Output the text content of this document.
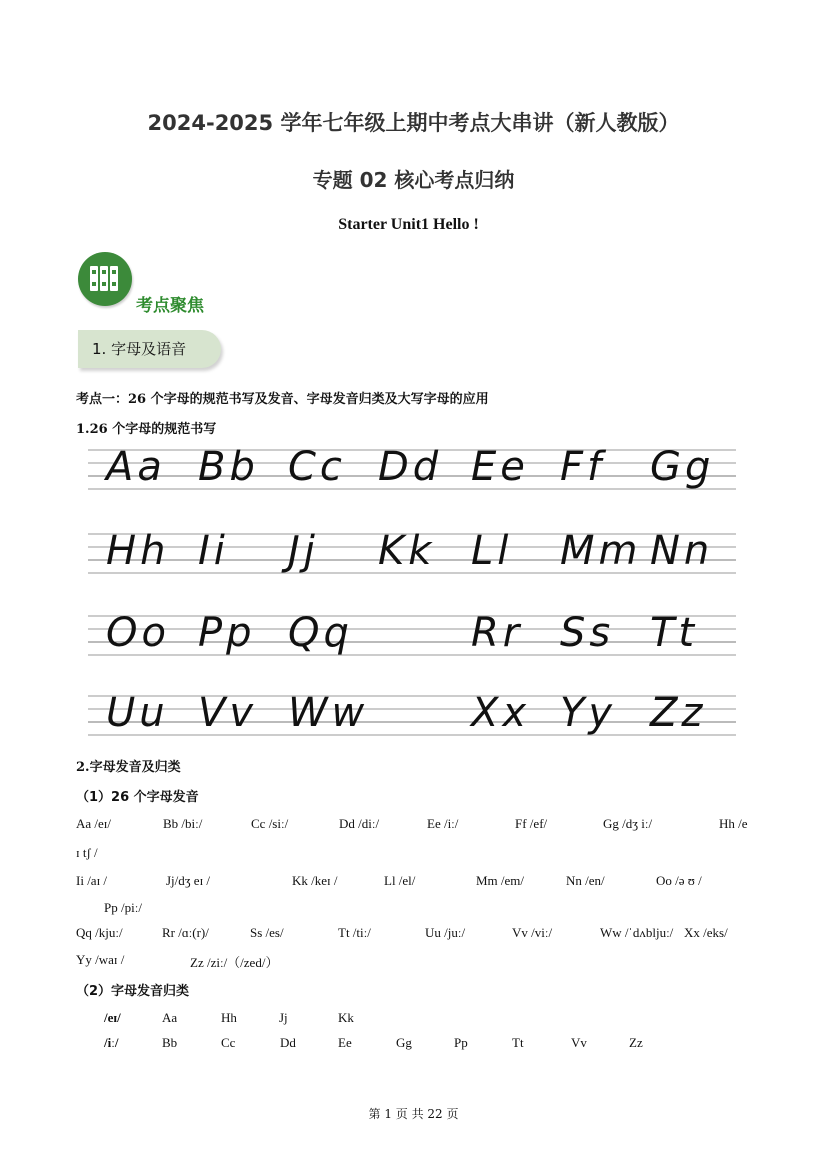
2024-2025 学年七年级上期中考点大串讲（新人教版）
专题 02 核心考点归纳
Starter Unit1 Hello !
考点聚焦
1. 字母及语音
考点一：26 个字母的规范书写及发音、字母发音归类及大写字母的应用
1.26 个字母的规范书写
Aa Bb Cc Dd Ee Ff Gg
Hh Ii Jj Kk Ll Mm Nn
Oo Pp Qq	Rr Ss Tt
Uu Vv Ww	Xx Yy Zz
2.字母发音及归类
（1）26 个字母发音
Aa /eɪ/	Bb /biː/	Cc /siː/	Dd /diː/	Ee /iː/	Ff /ef/	Gg /dʒ iː/	Hh /e
ɪ tʃ /
Ii /aɪ /	Jj/dʒ eɪ /	Kk /keɪ /	Ll /el/	Mm /em/	Nn /en/	Oo /ə ʊ /
Pp /piː/
Qq /kjuː/	Rr /ɑː(r)/	Ss /es/	Tt /tiː/	Uu /juː/	Vv /viː/	Ww /ˈdʌbljuː/ Xx /eks/
Yy /waɪ /	Zz /ziː/（/zed/）
（2）字母发音归类
/eɪ/	Aa	Hh	Jj	Kk
/iː/	Bb	Cc	Dd	Ee	Gg	Pp	Tt	Vv	Zz
第 1 页 共 22 页
